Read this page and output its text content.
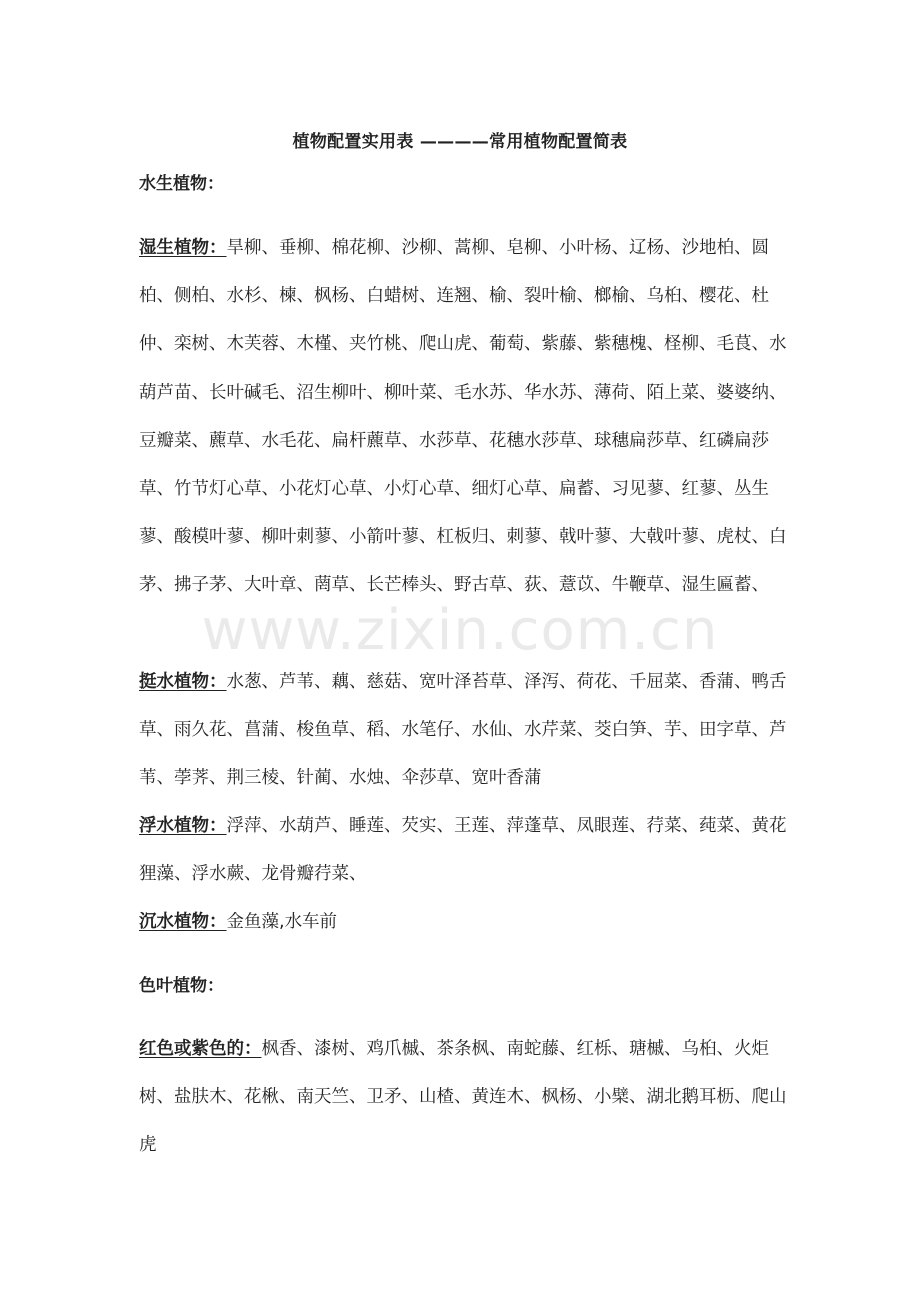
www.zixin.com.cn
植物配置实用表 ————常用植物配置简表
水生植物：
湿生植物：旱柳、垂柳、棉花柳、沙柳、蒿柳、皂柳、小叶杨、辽杨、沙地柏、圆柏、侧柏、水杉、楝、枫杨、白蜡树、连翘、榆、裂叶榆、榔榆、乌桕、樱花、杜仲、栾树、木芙蓉、木槿、夹竹桃、爬山虎、葡萄、紫藤、紫穗槐、柽柳、毛茛、水葫芦苗、长叶碱毛、沼生柳叶、柳叶菜、毛水苏、华水苏、薄荷、陌上菜、婆婆纳、豆瓣菜、藨草、水毛花、扁杆藨草、水莎草、花穗水莎草、球穗扁莎草、红磷扁莎草、竹节灯心草、小花灯心草、小灯心草、细灯心草、扁蓄、习见蓼、红蓼、丛生蓼、酸模叶蓼、柳叶刺蓼、小箭叶蓼、杠板归、刺蓼、戟叶蓼、大戟叶蓼、虎杖、白茅、拂子茅、大叶章、菵草、长芒棒头、野古草、荻、薏苡、牛鞭草、湿生匾蓄、
挺水植物：水葱、芦苇、藕、慈菇、宽叶泽苔草、泽泻、荷花、千屈菜、香蒲、鸭舌草、雨久花、菖蒲、梭鱼草、稻、水笔仔、水仙、水芹菜、茭白笋、芋、田字草、芦苇、荸荠、荆三棱、针蔺、水烛、伞莎草、宽叶香蒲
浮水植物：浮萍、水葫芦、睡莲、芡实、王莲、萍蓬草、凤眼莲、荇菜、莼菜、黄花狸藻、浮水蕨、龙骨瓣荇菜、
沉水植物：金鱼藻,水车前
色叶植物：
红色或紫色的：枫香、漆树、鸡爪槭、茶条枫、南蛇藤、红栎、瑭槭、乌桕、火炬树、盐肤木、花楸、南天竺、卫矛、山楂、黄连木、枫杨、小檗、湖北鹅耳枥、爬山虎
